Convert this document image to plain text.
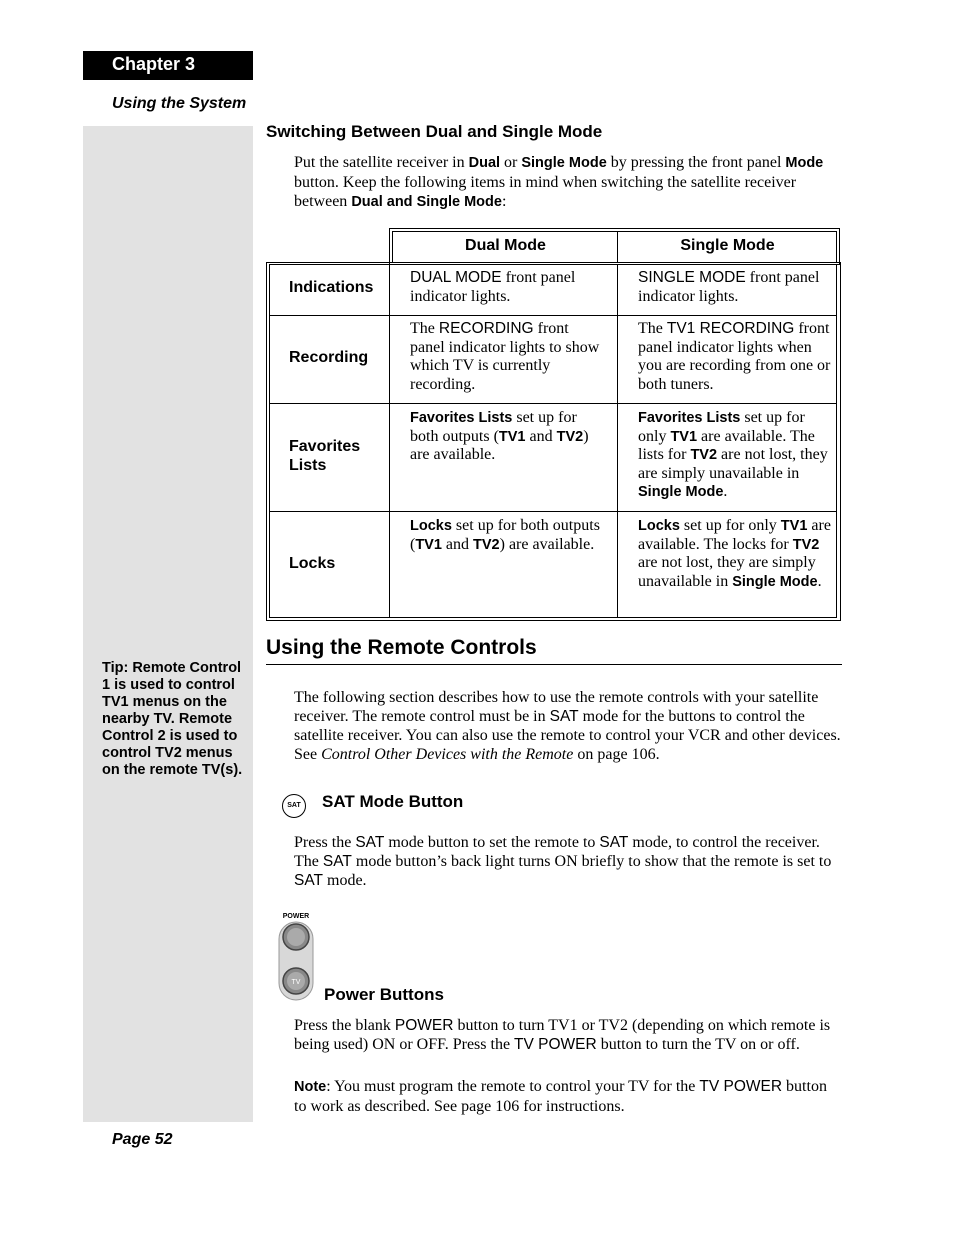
Chapter 3
Using the System
Tip: Remote Control 1 is used to control TV1 menus on the nearby TV. Remote Control 2 is used to control TV2 menus on the remote TV(s).
Switching Between Dual and Single Mode
Put the satellite receiver in Dual or Single Mode by pressing the front panel Mode button. Keep the following items in mind when switching the satellite receiver between Dual and Single Mode:
Dual Mode	Single Mode
Indications
DUAL MODE front panel indicator lights.
SINGLE MODE front panel indicator lights.
Recording
The RECORDING front panel indicator lights to show which TV is currently recording.
The TV1 RECORDING front panel indicator lights when you are recording from one or both tuners.
Favorites Lists
Favorites Lists set up for both outputs (TV1 and TV2) are available.
Favorites Lists set up for only TV1 are available. The lists for TV2 are not lost, they are simply unavailable in Single Mode.
Locks
Locks set up for both outputs (TV1 and TV2) are available.
Locks set up for only TV1 are available. The locks for TV2 are not lost, they are simply unavailable in Single Mode.
Using the Remote Controls
The following section describes how to use the remote controls with your satellite receiver. The remote control must be in SAT mode for the buttons to control the satellite receiver. You can also use the remote to control your VCR and other devices. See Control Other Devices with the Remote on page 106.
SAT	SAT Mode Button
Press the SAT mode button to set the remote to SAT mode, to control the receiver. The SAT mode button’s back light turns ON briefly to show that the remote is set to SAT mode.
POWER
TV
Power Buttons
Press the blank POWER button to turn TV1 or TV2 (depending on which remote is being used) ON or OFF. Press the TV POWER button to turn the TV on or off.
Note: You must program the remote to control your TV for the TV POWER button to work as described. See page 106 for instructions.
Page 52
